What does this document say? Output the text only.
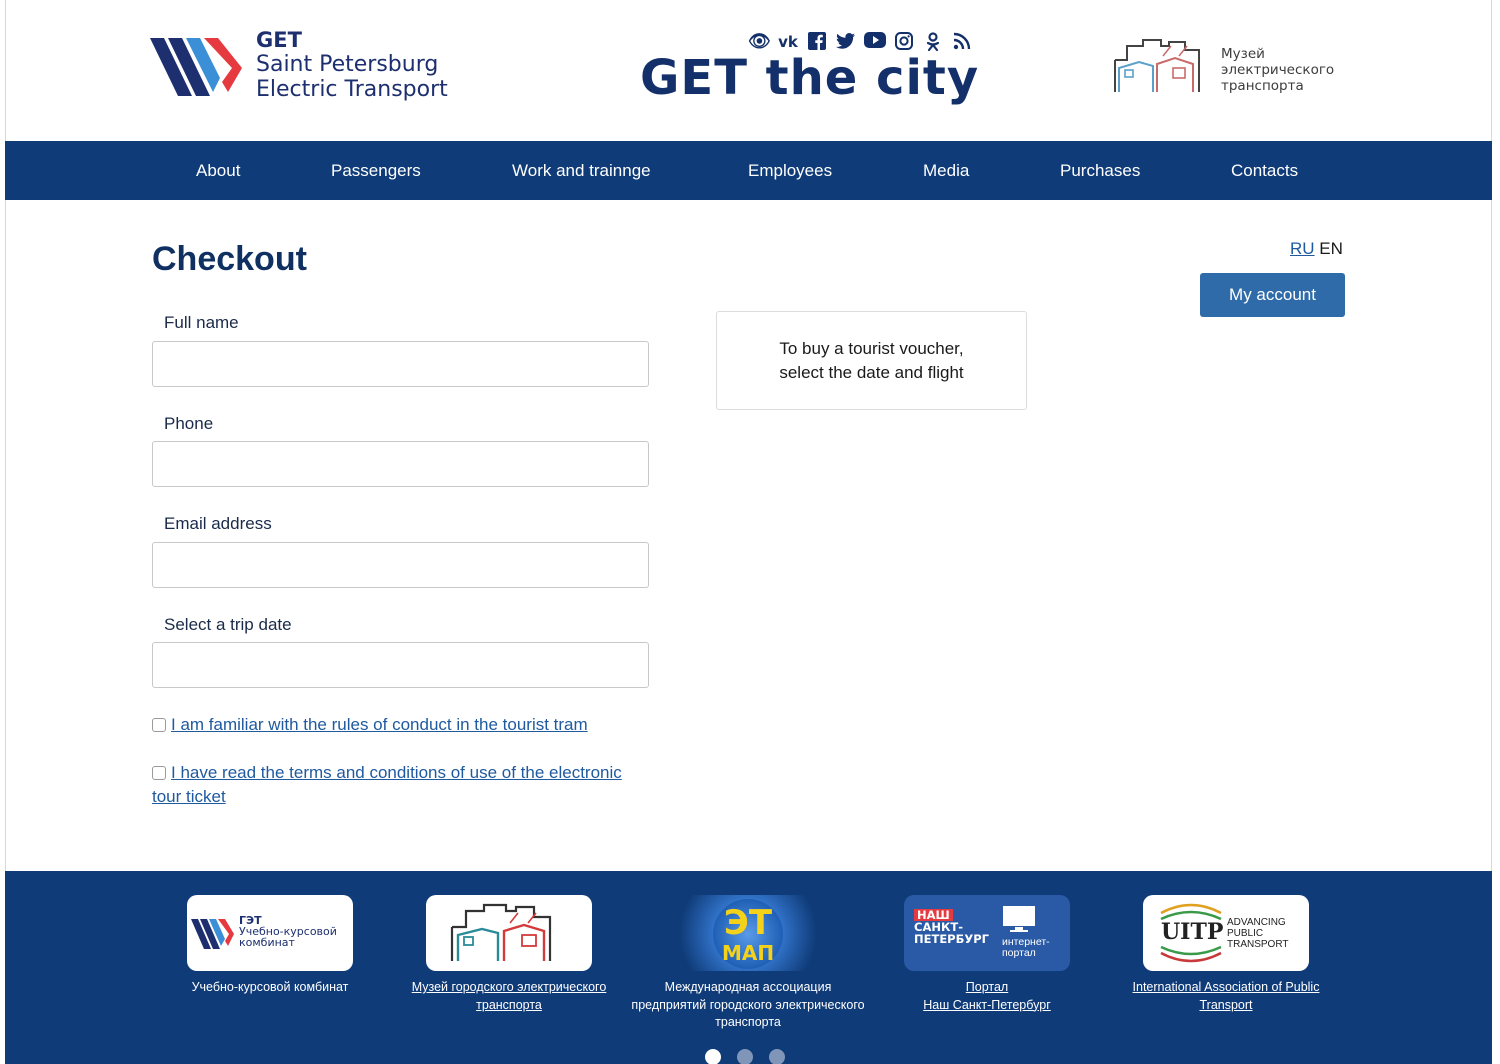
GET
Saint Petersburg
Electric Transport
👁︎ vk
GET the city	Музей
электрического
транспорта
About	Passengers	Work and trainnge	Employees	Media	Purchases	Contacts
Checkout
Full name
Phone
Email address
Select a trip date
I am familiar with the rules of conduct in the tourist tram
I have read the terms and conditions of use of the electronic tour ticket
To buy a tourist voucher,
select the date and flight
RU EN
My account
ГЭТ
Учебно-курсовой
комбинат
Учебно-курсовой комбинат	Музей городского электрического транспорта
ЭТ
МАП
Международная ассоциация предприятий городского электрического транспорта
НАШ
САНКТ-
ПЕТЕРБУРГ интернет-портал
Портал
Наш Санкт-Петербург
UITP ADVANCING
PUBLIC
TRANSPORT
International Association of Public Transport
